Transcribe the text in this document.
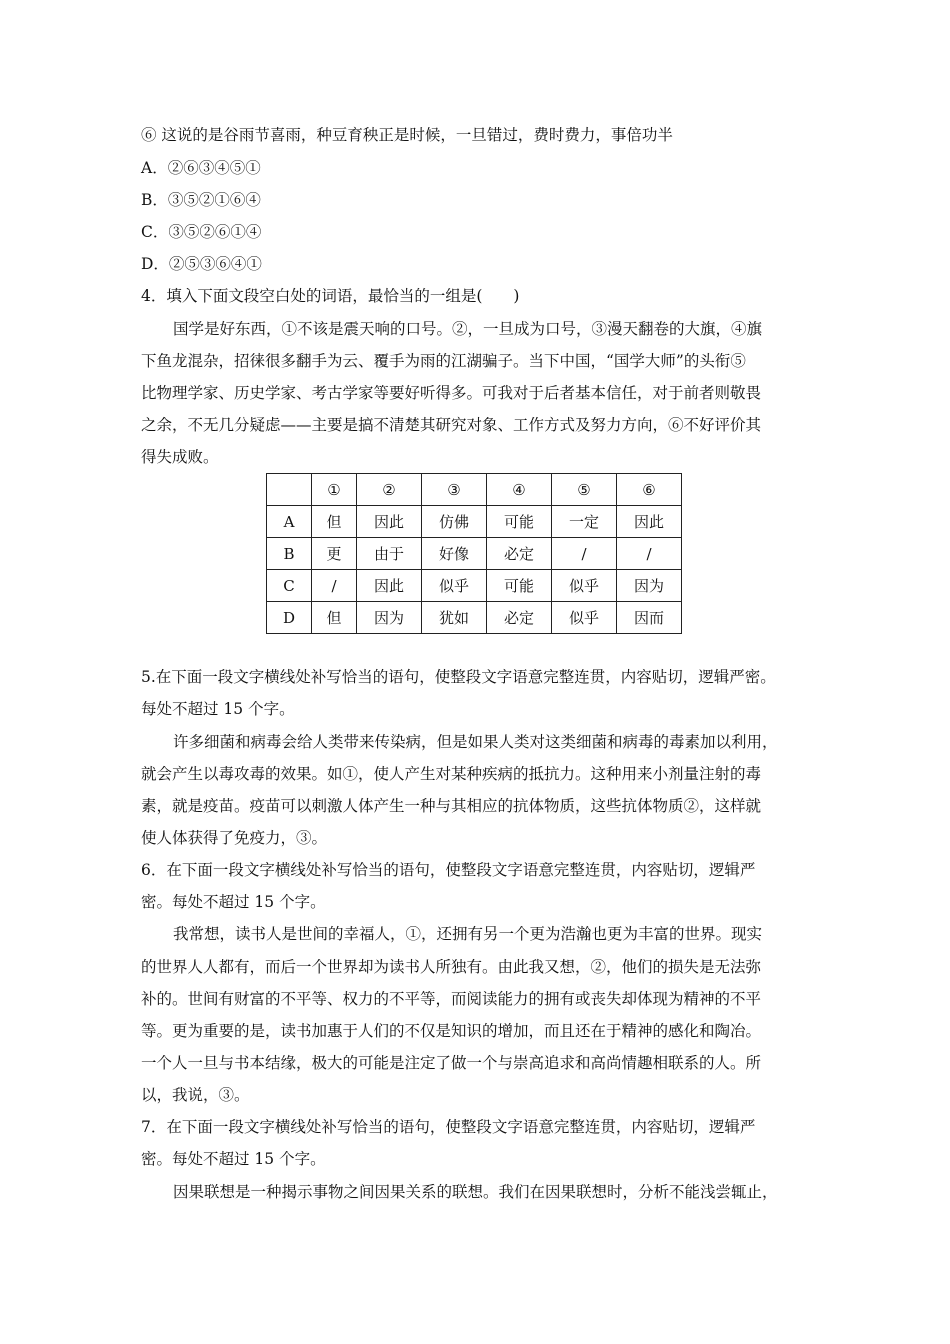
⑥ 这说的是谷雨节喜雨，种豆育秧正是时候，一旦错过，费时费力，事倍功半
A．②⑥③④⑤①
B．③⑤②①⑥④
C．③⑤②⑥①④
D．②⑤③⑥④①
4．填入下面文段空白处的词语，最恰当的一组是(　　)
国学是好东西，①不该是震天响的口号。②，一旦成为口号，③漫天翻卷的大旗，④旗
下鱼龙混杂，招徕很多翻手为云、覆手为雨的江湖骗子。当下中国，“国学大师”的头衔⑤
比物理学家、历史学家、考古学家等要好听得多。可我对于后者基本信任，对于前者则敬畏
之余，不无几分疑虑——主要是搞不清楚其研究对象、工作方式及努力方向，⑥不好评价其
得失成败。
	①	②	③	④	⑤	⑥
A	但	因此	仿佛	可能	一定	因此
B	更	由于	好像	必定	/	/
C	/	因此	似乎	可能	似乎	因为
D	但	因为	犹如	必定	似乎	因而
5.在下面一段文字横线处补写恰当的语句，使整段文字语意完整连贯，内容贴切，逻辑严密。
每处不超过 15 个字。
许多细菌和病毒会给人类带来传染病，但是如果人类对这类细菌和病毒的毒素加以利用，
就会产生以毒攻毒的效果。如①，使人产生对某种疾病的抵抗力。这种用来小剂量注射的毒
素，就是疫苗。疫苗可以刺激人体产生一种与其相应的抗体物质，这些抗体物质②，这样就
使人体获得了免疫力，③。
6．在下面一段文字横线处补写恰当的语句，使整段文字语意完整连贯，内容贴切，逻辑严
密。每处不超过 15 个字。
我常想，读书人是世间的幸福人，①，还拥有另一个更为浩瀚也更为丰富的世界。现实
的世界人人都有，而后一个世界却为读书人所独有。由此我又想，②，他们的损失是无法弥
补的。世间有财富的不平等、权力的不平等，而阅读能力的拥有或丧失却体现为精神的不平
等。更为重要的是，读书加惠于人们的不仅是知识的增加，而且还在于精神的感化和陶冶。
一个人一旦与书本结缘，极大的可能是注定了做一个与崇高追求和高尚情趣相联系的人。所
以，我说，③。
7．在下面一段文字横线处补写恰当的语句，使整段文字语意完整连贯，内容贴切，逻辑严
密。每处不超过 15 个字。
因果联想是一种揭示事物之间因果关系的联想。我们在因果联想时，分析不能浅尝辄止，
